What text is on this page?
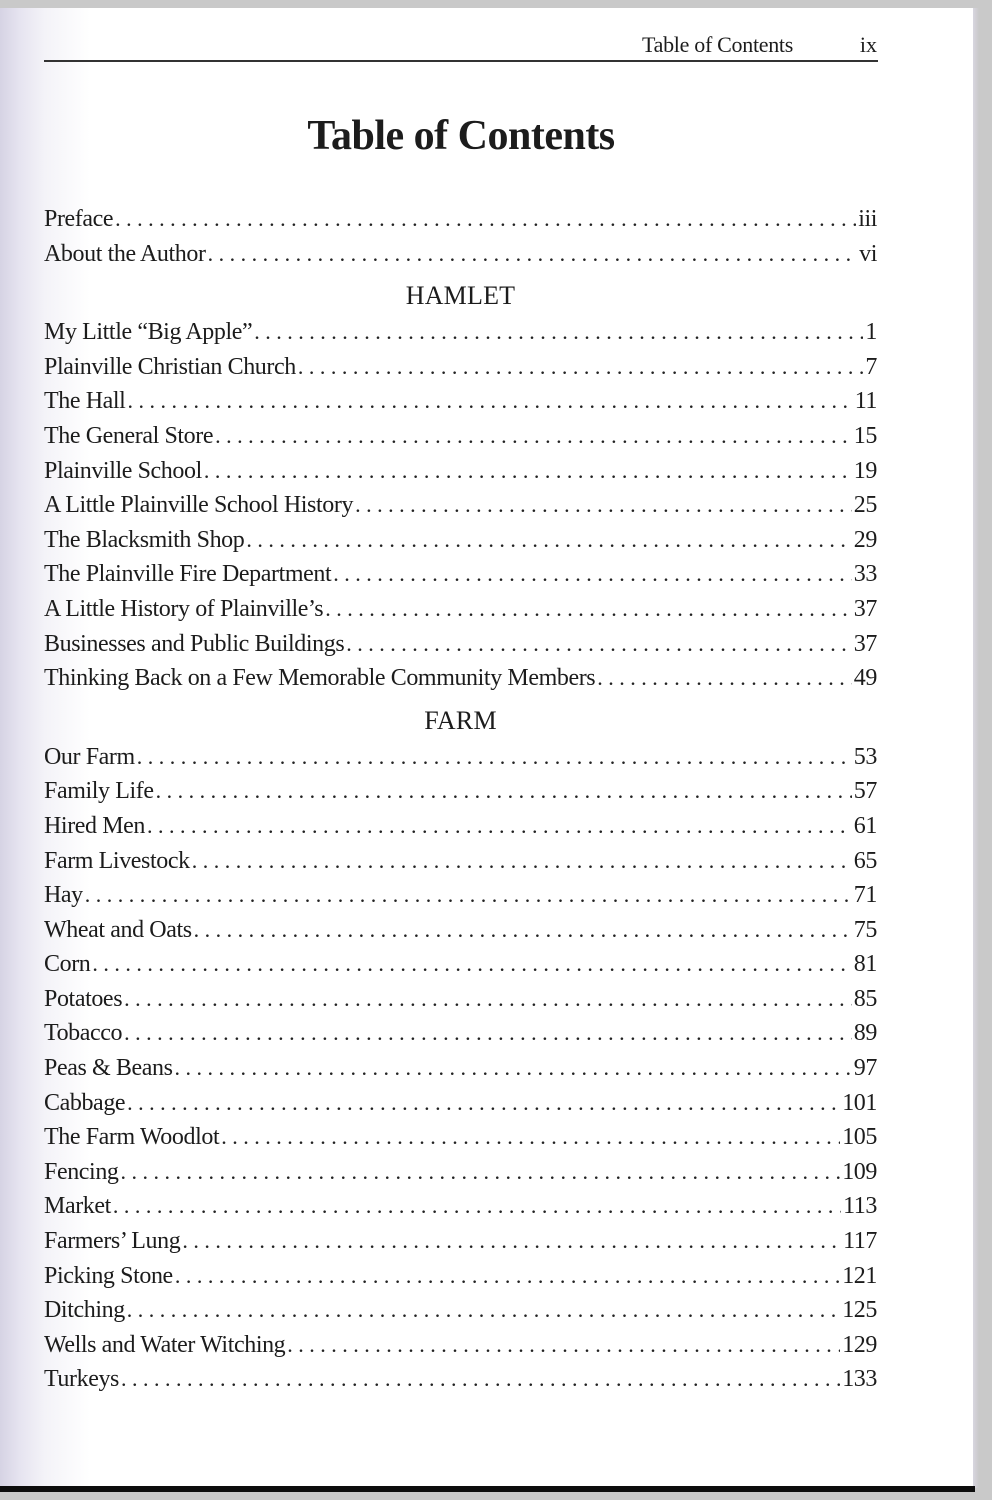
Table of Contents	ix
Table of Contents
Preface . . .	iii
About the Author . . .	vi
HAMLET
My Little “Big Apple” . . .	1
Plainville Christian Church . . .	7
The Hall . . .	11
The General Store . . .	15
Plainville School . . .	19
A Little Plainville School History . . .	25
The Blacksmith Shop . . .	29
The Plainville Fire Department . . .	33
A Little History of Plainville’s . . .	37
Businesses and Public Buildings . . .	37
Thinking Back on a Few Memorable Community Members . . .	49
FARM
Our Farm . . .	53
Family Life . . .	57
Hired Men . . .	61
Farm Livestock . . .	65
Hay . . .	71
Wheat and Oats . . .	75
Corn . . .	81
Potatoes . . .	85
Tobacco . . .	89
Peas & Beans . . .	97
Cabbage . . .	101
The Farm Woodlot . . .	105
Fencing . . .	109
Market . . .	113
Farmers’ Lung . . .	117
Picking Stone . . .	121
Ditching . . .	125
Wells and Water Witching . . .	129
Turkeys . . .	133
